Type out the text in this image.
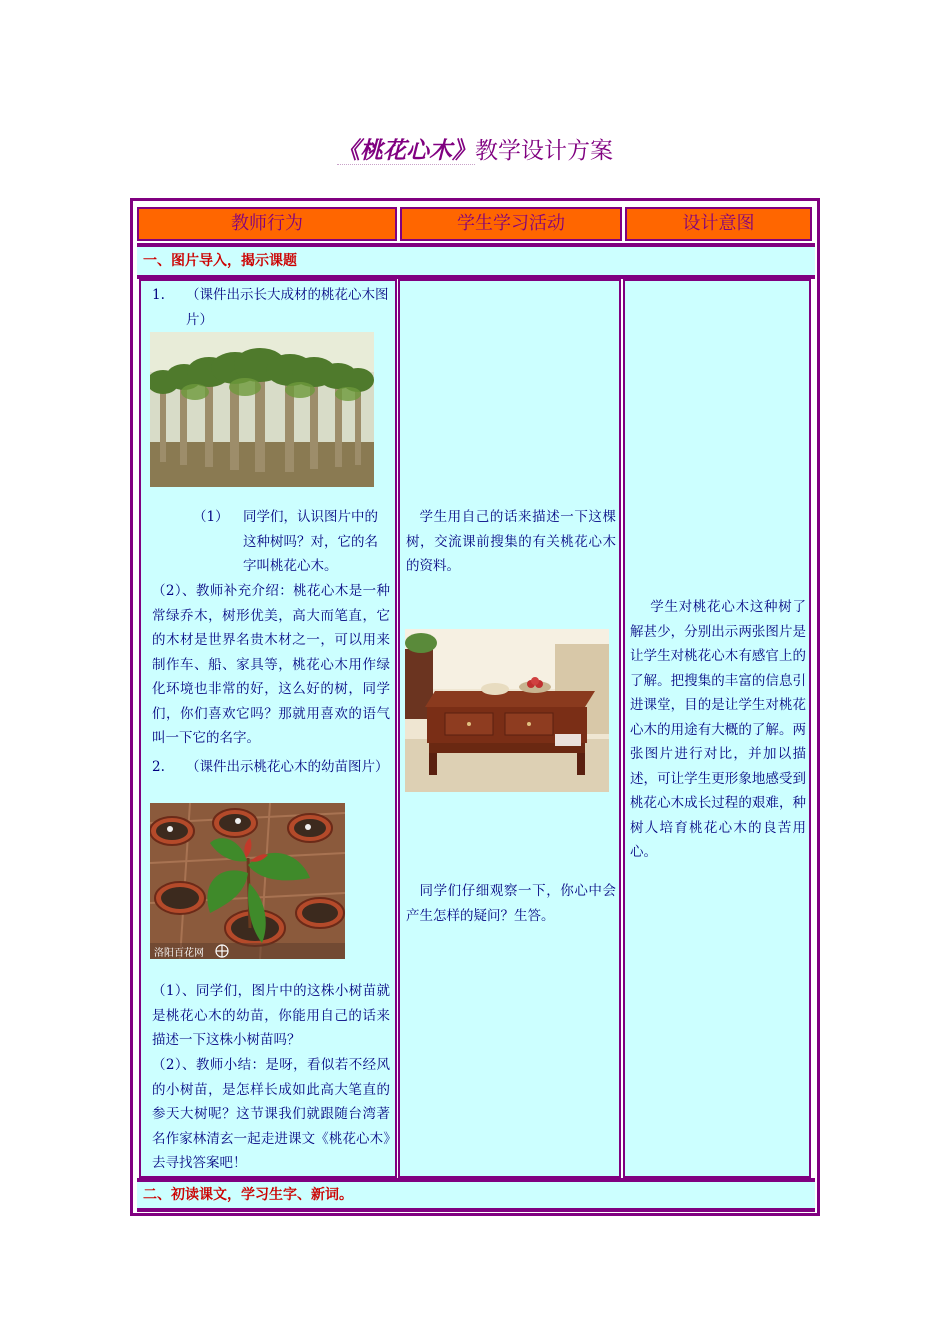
《桃花心木》教学设计方案
教师行为	学生学习活动	设计意图
一、图片导入，揭示课题
1. （课件出示长大成材的桃花心木图片）
（1） 同学们，认识图片中的这种树吗？对，它的名字叫桃花心木。
（2）、教师补充介绍：桃花心木是一种常绿乔木，树形优美，高大而笔直，它的木材是世界名贵木材之一，可以用来制作车、船、家具等，桃花心木用作绿化环境也非常的好，这么好的树，同学们，你们喜欢它吗？那就用喜欢的语气叫一下它的名字。
2. （课件出示桃花心木的幼苗图片）
洛阳百花网
（1）、同学们，图片中的这株小树苗就是桃花心木的幼苗，你能用自己的话来描述一下这株小树苗吗？
（2）、教师小结：是呀，看似若不经风的小树苗，是怎样长成如此高大笔直的参天大树呢？这节课我们就跟随台湾著名作家林清玄一起走进课文《桃花心木》去寻找答案吧！
学生用自己的话来描述一下这棵树，交流课前搜集的有关桃花心木的资料。
同学们仔细观察一下，你心中会产生怎样的疑问？生答。
学生对桃花心木这种树了解甚少，分别出示两张图片是让学生对桃花心木有感官上的了解。把搜集的丰富的信息引进课堂，目的是让学生对桃花心木的用途有大概的了解。两张图片进行对比，并加以描述，可让学生更形象地感受到桃花心木成长过程的艰难，种树人培育桃花心木的良苦用心。
二、初读课文，学习生字、新词。
